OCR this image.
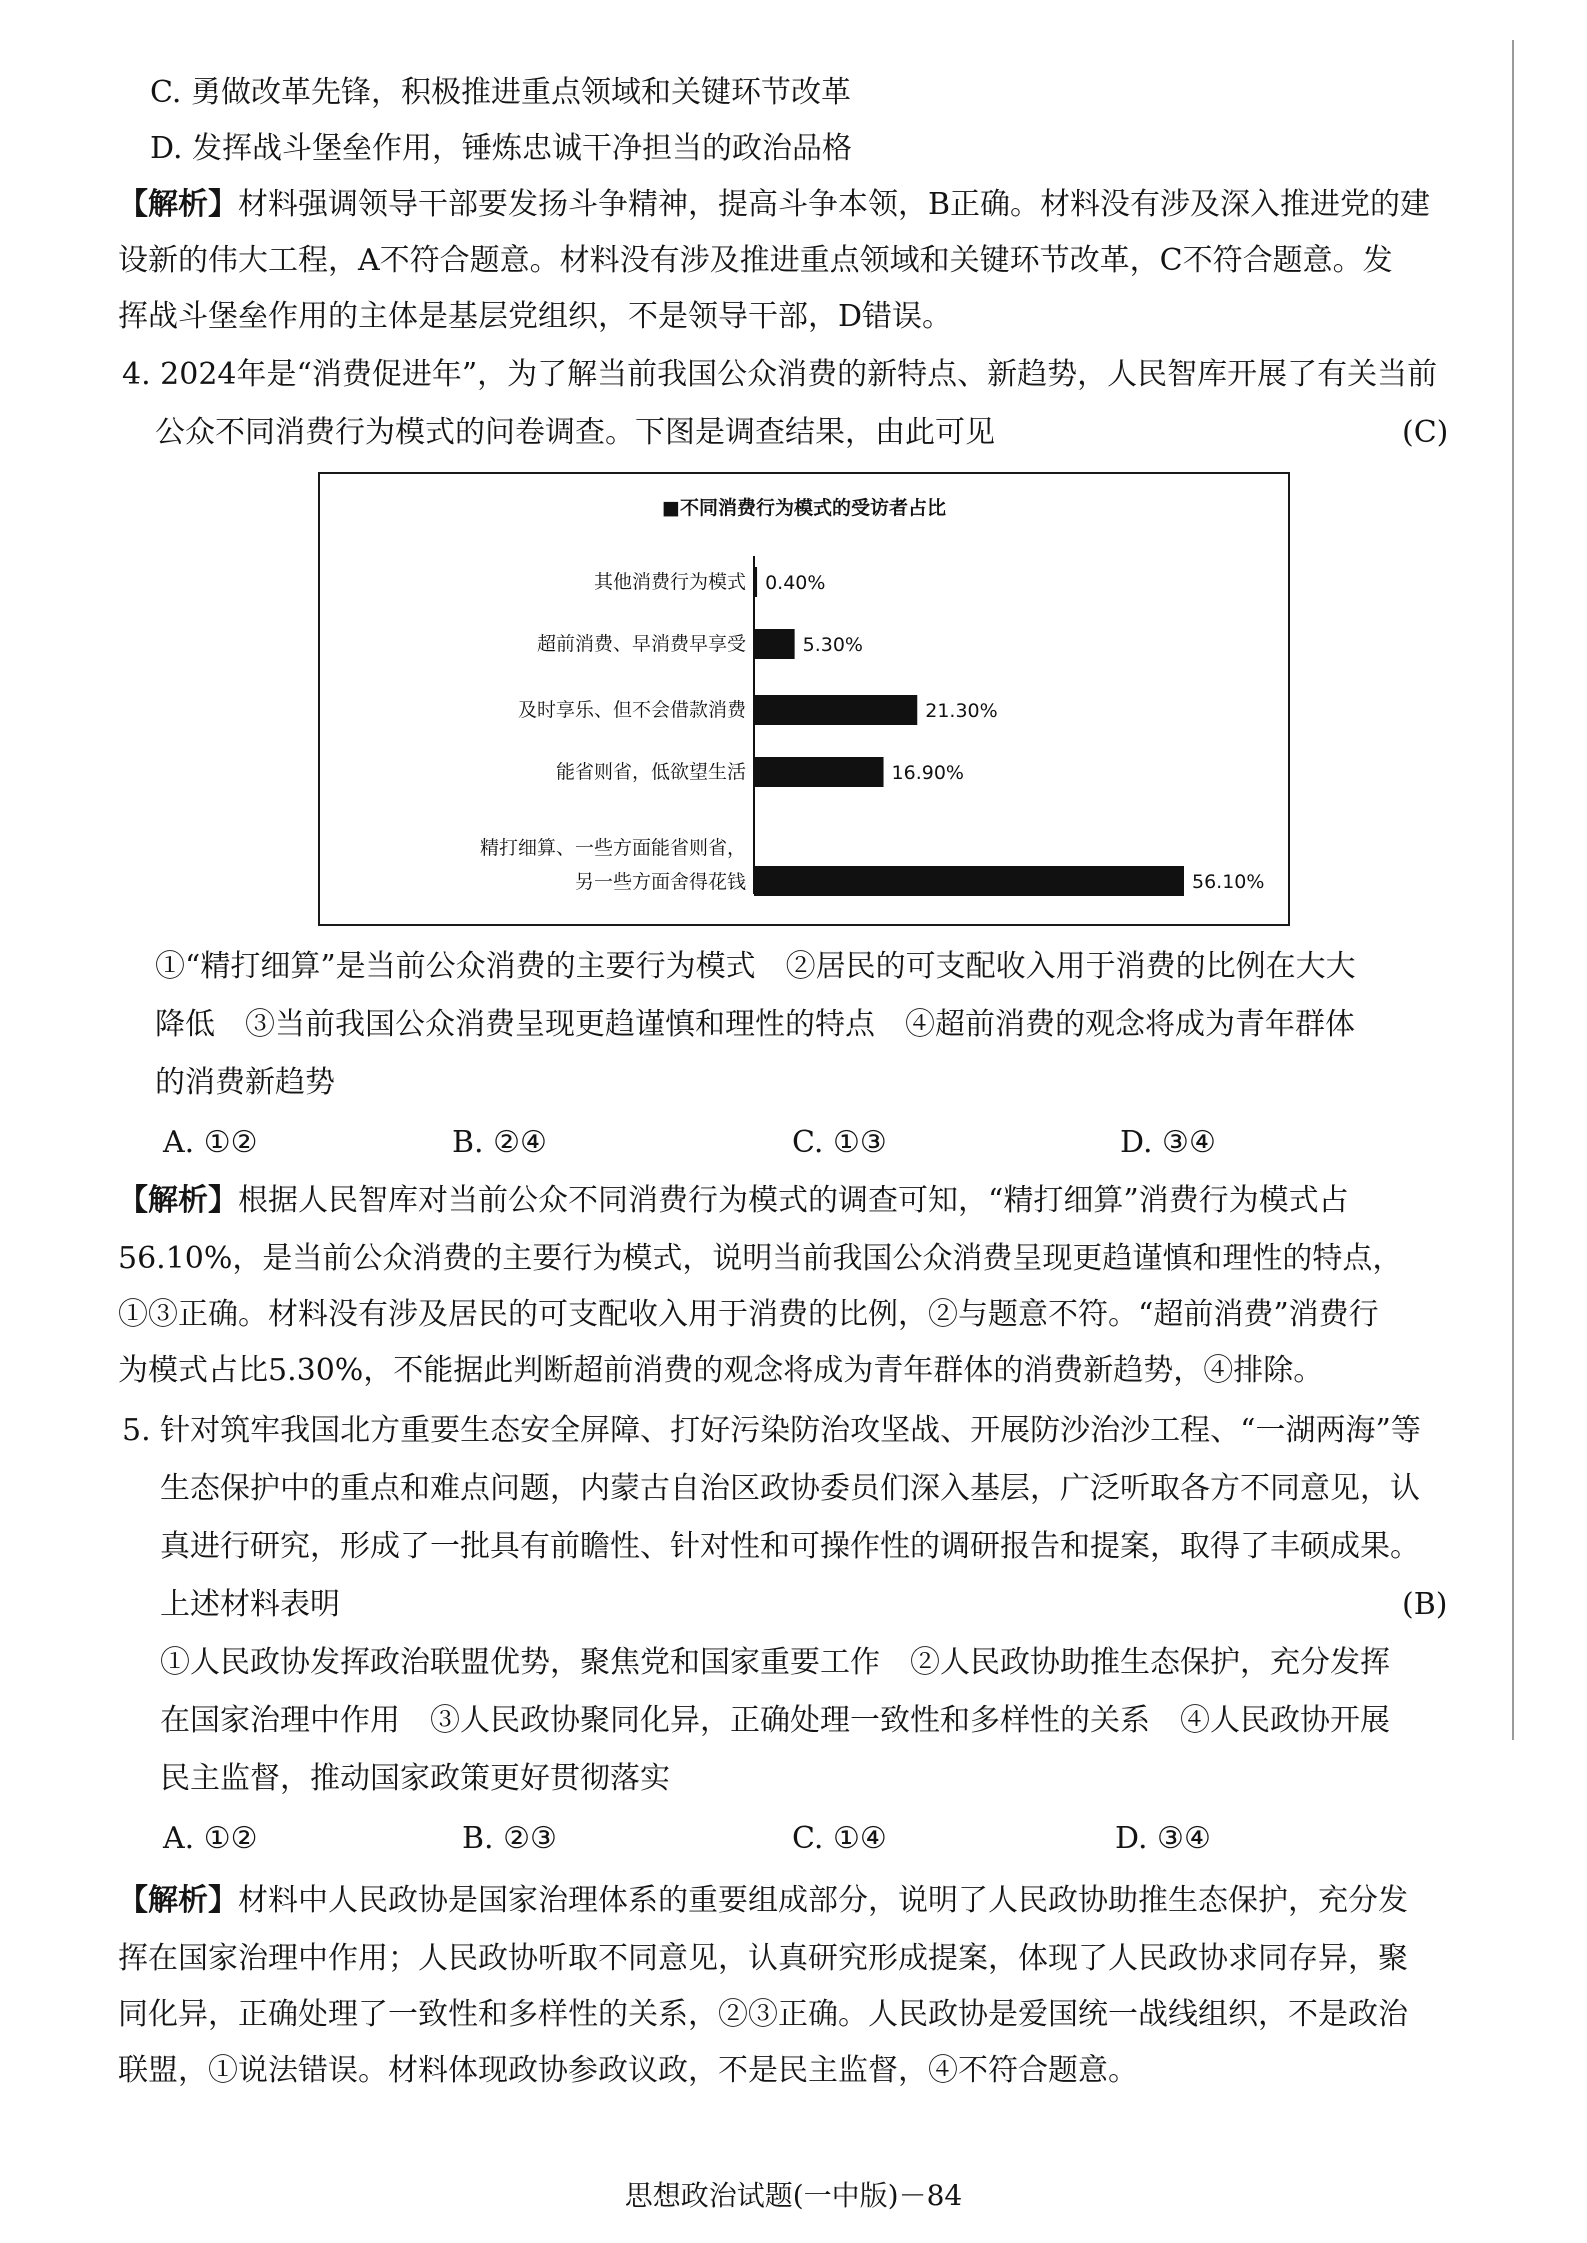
C. 勇做改革先锋，积极推进重点领域和关键环节改革
D. 发挥战斗堡垒作用，锤炼忠诚干净担当的政治品格
【解析】材料强调领导干部要发扬斗争精神，提高斗争本领，B正确。材料没有涉及深入推进党的建
设新的伟大工程，A不符合题意。材料没有涉及推进重点领域和关键环节改革，C不符合题意。发
挥战斗堡垒作用的主体是基层党组织，不是领导干部，D错误。
4. 2024年是“消费促进年”，为了解当前我国公众消费的新特点、新趋势，人民智库开展了有关当前
公众不同消费行为模式的问卷调查。下图是调查结果，由此可见	(C)
■不同消费行为模式的受访者占比
其他消费行为模式 0.40%
超前消费、早消费早享受	5.30%
及时享乐、但不会借款消费	21.30%
能省则省，低欲望生活	16.90%
精打细算、一些方面能省则省，
另一些方面舍得花钱	56.10%
①“精打细算”是当前公众消费的主要行为模式　②居民的可支配收入用于消费的比例在大大
降低　③当前我国公众消费呈现更趋谨慎和理性的特点　④超前消费的观念将成为青年群体
的消费新趋势
A. ①②	B. ②④	C. ①③	D. ③④
【解析】根据人民智库对当前公众不同消费行为模式的调查可知，“精打细算”消费行为模式占
56.10%，是当前公众消费的主要行为模式，说明当前我国公众消费呈现更趋谨慎和理性的特点，
①③正确。材料没有涉及居民的可支配收入用于消费的比例，②与题意不符。“超前消费”消费行
为模式占比5.30%，不能据此判断超前消费的观念将成为青年群体的消费新趋势，④排除。
5. 针对筑牢我国北方重要生态安全屏障、打好污染防治攻坚战、开展防沙治沙工程、“一湖两海”等
生态保护中的重点和难点问题，内蒙古自治区政协委员们深入基层，广泛听取各方不同意见，认
真进行研究，形成了一批具有前瞻性、针对性和可操作性的调研报告和提案，取得了丰硕成果。
上述材料表明	(B)
①人民政协发挥政治联盟优势，聚焦党和国家重要工作　②人民政协助推生态保护，充分发挥
在国家治理中作用　③人民政协聚同化异，正确处理一致性和多样性的关系　④人民政协开展
民主监督，推动国家政策更好贯彻落实
A. ①②	B. ②③	C. ①④	D. ③④
【解析】材料中人民政协是国家治理体系的重要组成部分，说明了人民政协助推生态保护，充分发
挥在国家治理中作用；人民政协听取不同意见，认真研究形成提案，体现了人民政协求同存异，聚
同化异，正确处理了一致性和多样性的关系，②③正确。人民政协是爱国统一战线组织，不是政治
联盟，①说法错误。材料体现政协参政议政，不是民主监督，④不符合题意。
思想政治试题(一中版)－84
